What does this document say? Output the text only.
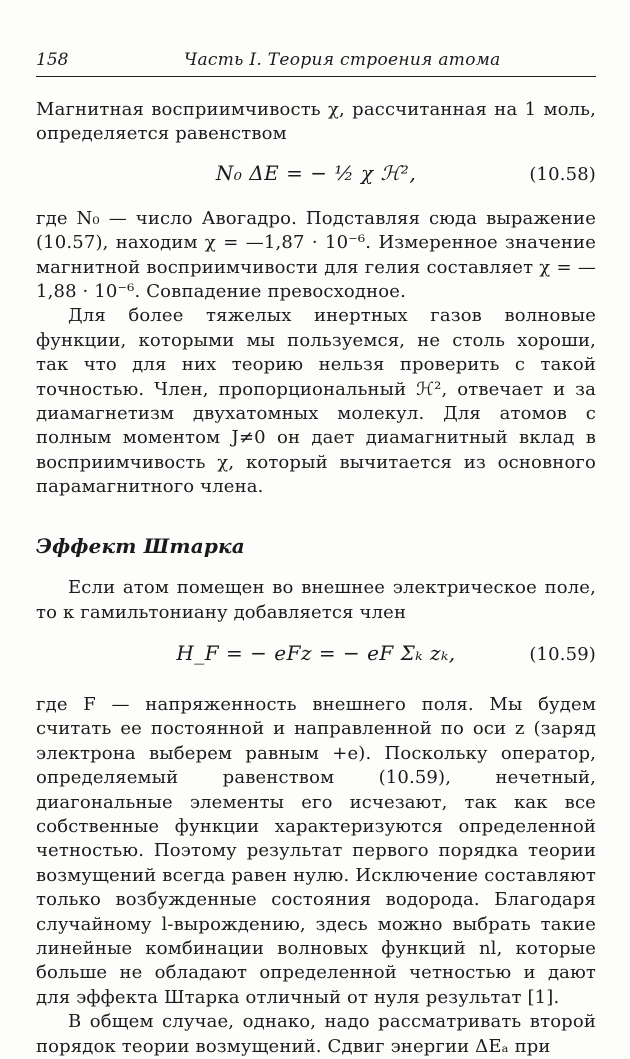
158	Часть I. Теория строения атома

Магнитная восприимчивость χ, рассчитанная на 1 моль, определяется равенством

N₀ ΔE = − ½ χ ℋ²,	(10.58)

где N₀ — число Авогадро. Подставляя сюда выражение (10.57), находим χ = —1,87 · 10⁻⁶. Измеренное значение магнитной восприимчивости для гелия составляет χ = —1,88 · 10⁻⁶. Совпадение превосходное.

Для более тяжелых инертных газов волновые функции, которыми мы пользуемся, не столь хороши, так что для них теорию нельзя проверить с такой точностью. Член, пропорциональный ℋ², отвечает и за диамагнетизм двухатомных молекул. Для атомов с полным моментом J≠0 он дает диамагнитный вклад в восприимчивость χ, который вычитается из основного парамагнитного члена.

Эффект Штарка

Если атом помещен во внешнее электрическое поле, то к гамильтониану добавляется член

H_F = − eFz = − eF Σₖ zₖ,	(10.59)

где F — напряженность внешнего поля. Мы будем считать ее постоянной и направленной по оси z (заряд электрона выберем равным +e). Поскольку оператор, определяемый равенством (10.59), нечетный, диагональные элементы его исчезают, так как все собственные функции характеризуются определенной четностью. Поэтому результат первого порядка теории возмущений всегда равен нулю. Исключение составляют только возбужденные состояния водорода. Благодаря случайному l-вырождению, здесь можно выбрать такие линейные комбинации волновых функций nl, которые больше не обладают определенной четностью и дают для эффекта Штарка отличный от нуля результат [1].

В общем случае, однако, надо рассматривать второй порядок теории возмущений. Сдвиг энергии ΔEₐ при
